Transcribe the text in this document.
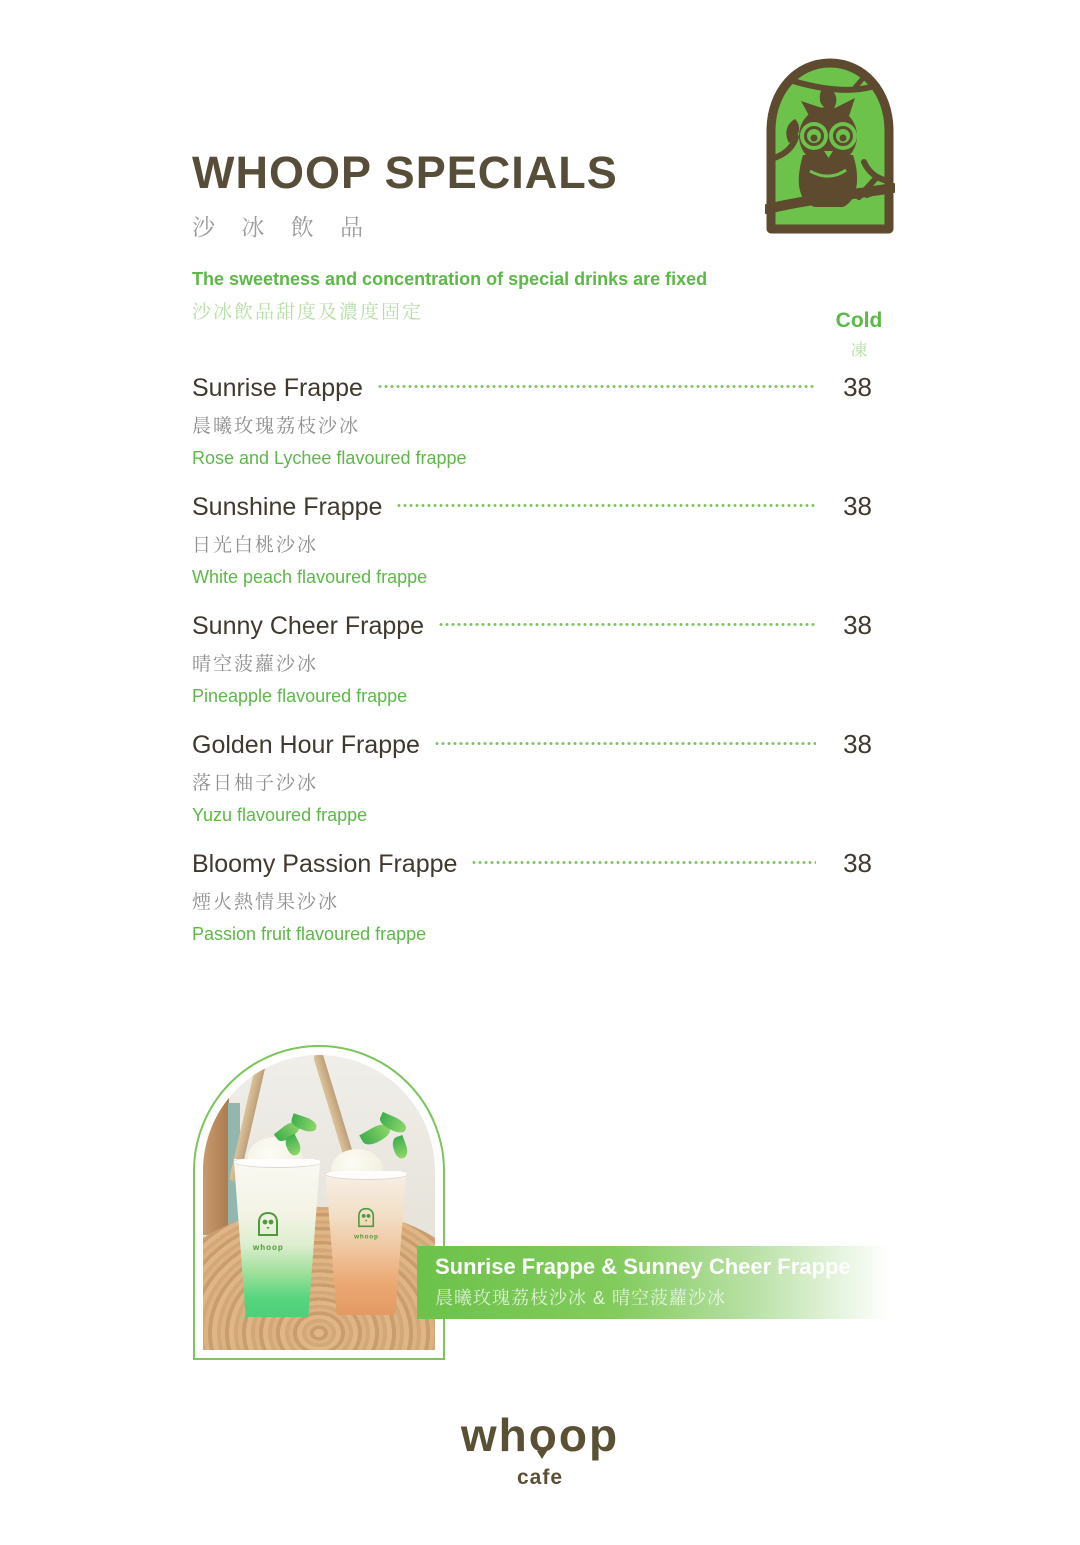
WHOOP SPECIALS
沙 冰 飲 品
The sweetness and concentration of special drinks are fixed
沙冰飲品甜度及濃度固定	Cold
凍
Sunrise Frappe	38
晨曦玫瑰荔枝沙冰
Rose and Lychee flavoured frappe
Sunshine Frappe	38
日光白桃沙冰
White peach flavoured frappe
Sunny Cheer Frappe	38
晴空菠蘿沙冰
Pineapple flavoured frappe
Golden Hour Frappe	38
落日柚子沙冰
Yuzu flavoured frappe
Bloomy Passion Frappe	38
煙火熱情果沙冰
Passion fruit flavoured frappe
whoop
whoop
Sunrise Frappe & Sunney Cheer Frappe
晨曦玫瑰荔枝沙冰 & 晴空菠蘿沙冰
whoop
cafe
